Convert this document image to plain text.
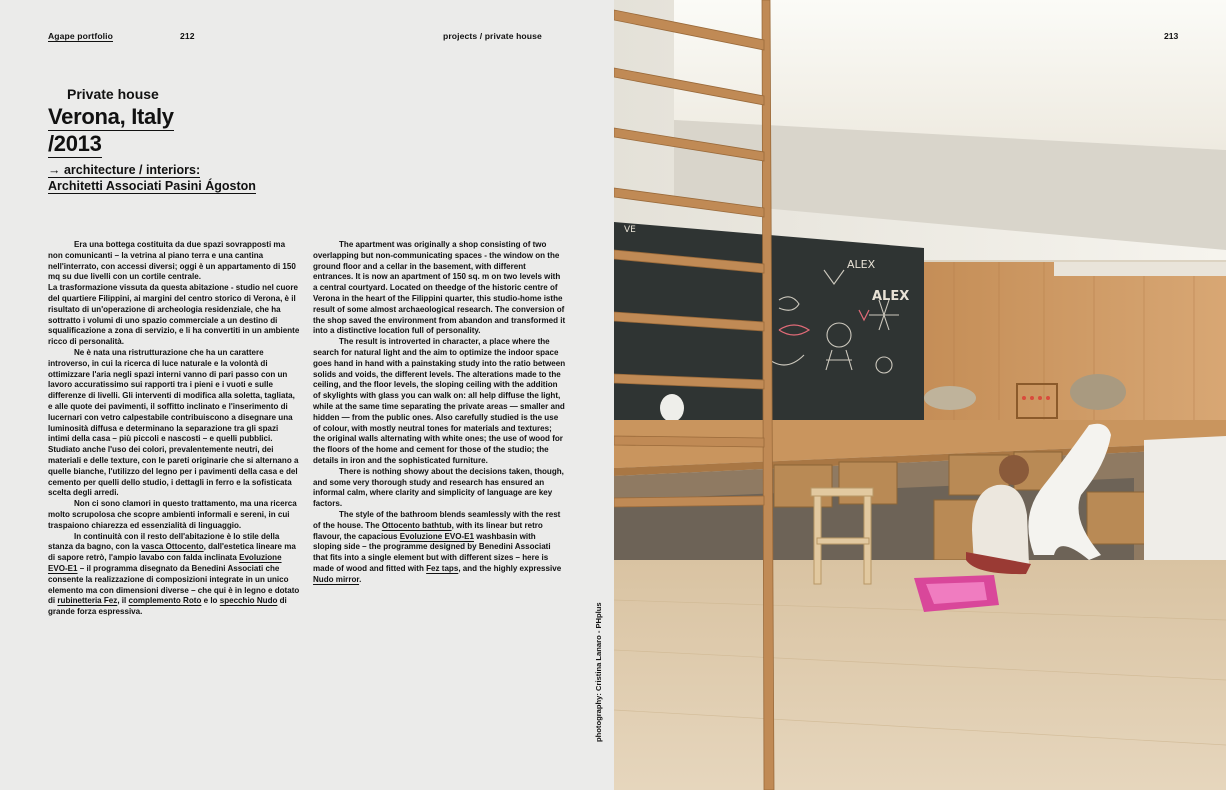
Agape portfolio	212	projects / private house
Private house
Verona, Italy
/2013
→ architecture / interiors:
Architetti Associati Pasini Ágoston

Era una bottega costituita da due spazi sovrapposti ma non comunicanti – la vetrina al piano terra e una cantina nell'interrato, con accessi diversi; oggi è un appartamento di 150 mq su due livelli con un cortile centrale.

La trasformazione vissuta da questa abitazione - studio nel cuore del quartiere Filippini, ai margini del centro storico di Verona, è il risultato di un'operazione di archeologia residenziale, che ha sottratto i volumi di uno spazio commerciale a un destino di squalificazione a zona di servizio, e li ha convertiti in un ambiente ricco di personalità.

Ne è nata una ristrutturazione che ha un carattere introverso, in cui la ricerca di luce naturale e la volontà di ottimizzare l'aria negli spazi interni vanno di pari passo con un lavoro accuratissimo sui rapporti tra i pieni e i vuoti e sulle differenze di livelli. Gli interventi di modifica alla soletta, tagliata, e alle quote dei pavimenti, il soffitto inclinato e l'inserimento di lucernari con vetro calpestabile contribuiscono a disegnare una luminosità diffusa e determinano la separazione tra gli spazi intimi della casa – più piccoli e nascosti – e quelli pubblici. Studiato anche l'uso dei colori, prevalentemente neutri, dei materiali e delle texture, con le pareti originarie che si alternano a quelle bianche, l'utilizzo del legno per i pavimenti della casa e del cemento per quelli dello studio, i dettagli in ferro e la sofisticata scelta degli arredi.

Non ci sono clamori in questo trattamento, ma una ricerca molto scrupolosa che scopre ambienti informali e sereni, in cui traspaiono chiarezza ed essenzialità di linguaggio.

In continuità con il resto dell'abitazione è lo stile della stanza da bagno, con la vasca Ottocento, dall'estetica lineare ma di sapore retrò, l'ampio lavabo con falda inclinata Evoluzione EVO-E1 – il programma disegnato da Benedini Associati che consente la realizzazione di composizioni integrate in un unico elemento ma con dimensioni diverse – che qui è in legno e dotato di rubinetteria Fez, il complemento Roto e lo specchio Nudo di grande forza espressiva.

The apartment was originally a shop consisting of two overlapping but non-communicating spaces - the window on the ground floor and a cellar in the basement, with different entrances. It is now an apartment of 150 sq. m on two levels with a central courtyard. Located on theedge of the historic centre of Verona in the heart of the Filippini quarter, this studio-home isthe result of some almost archaeological research. The conversion of the shop saved the environment from abandon and transformed it into a distinctive location full of personality.

The result is introverted in character, a place where the search for natural light and the aim to optimize the indoor space goes hand in hand with a painstaking study into the ratio between solids and voids, the different levels. The alterations made to the ceiling, and the floor levels, the sloping ceiling with the addition of skylights with glass you can walk on: all help diffuse the light, while at the same time separating the private areas — smaller and hidden — from the public ones. Also carefully studied is the use of colour, with mostly neutral tones for materials and textures; the original walls alternating with white ones; the use of wood for the floors of the home and cement for those of the studio; the details in iron and the sophisticated furniture.

There is nothing showy about the decisions taken, though, and some very thorough study and research has ensured an informal calm, where clarity and simplicity of language are key factors.

The style of the bathroom blends seamlessly with the rest of the house. The Ottocento bathtub, with its linear but retro flavour, the capacious Evoluzione EVO-E1 washbasin with sloping side – the programme designed by Benedini Associati that fits into a single element but with different sizes – here is made of wood and fitted with Fez taps, and the highly expressive Nudo mirror.

photography: Cristina Lanaro - PHplus
VE
ALEX
ALEX
213
